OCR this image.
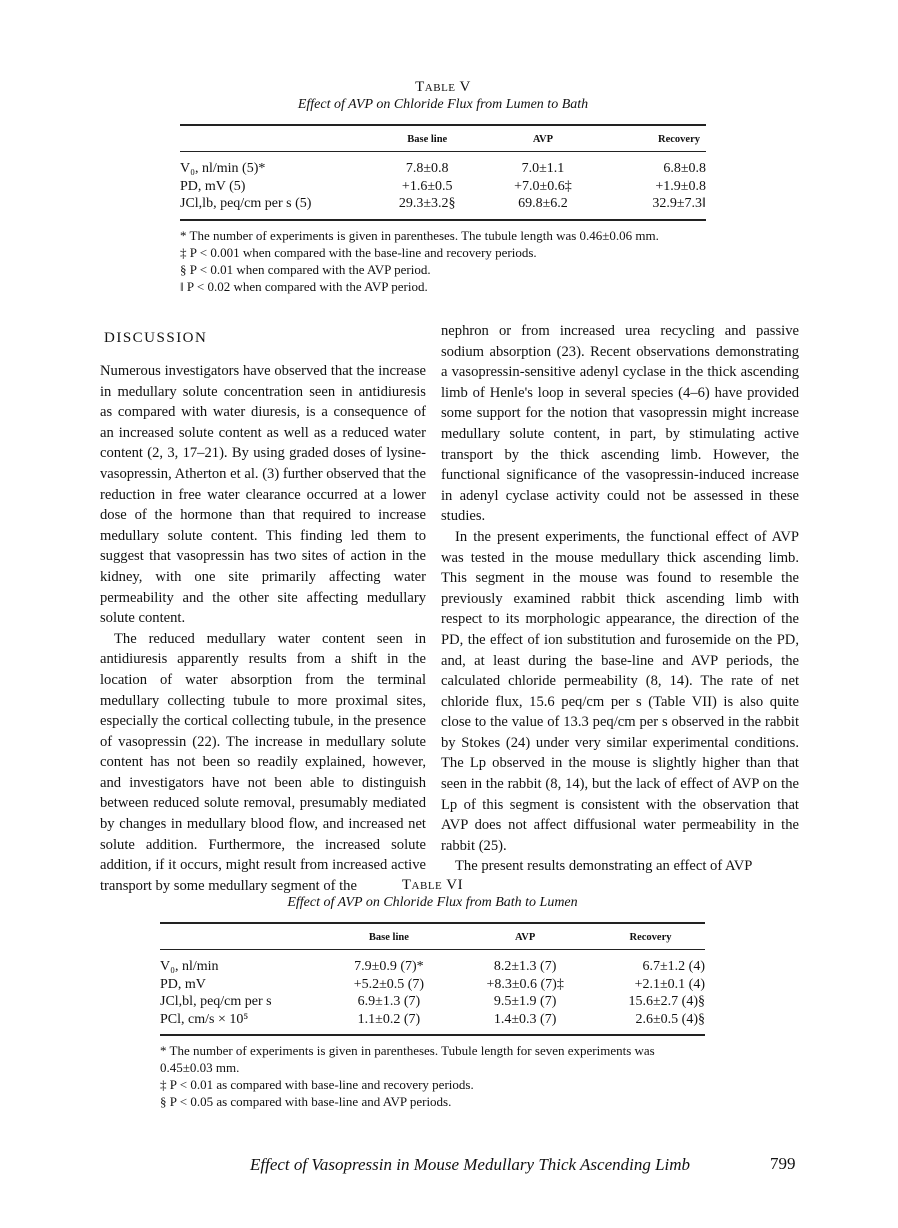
Table V
Effect of AVP on Chloride Flux from Lumen to Bath
	Base line	AVP	Recovery
V₀, nl/min (5)*	7.8±0.8	7.0±1.1	6.8±0.8
PD, mV (5)	+1.6±0.5	+7.0±0.6‡	+1.9±0.8
JCl,lb, peq/cm per s (5)	29.3±3.2§	69.8±6.2	32.9±7.3‖
* The number of experiments is given in parentheses. The tubule length was 0.46±0.06 mm.
‡ P < 0.001 when compared with the base-line and recovery periods.
§ P < 0.01 when compared with the AVP period.
‖ P < 0.02 when compared with the AVP period.
DISCUSSION

Numerous investigators have observed that the increase in medullary solute concentration seen in antidiuresis as compared with water diuresis, is a consequence of an increased solute content as well as a reduced water content (2, 3, 17–21). By using graded doses of lysine-vasopressin, Atherton et al. (3) further observed that the reduction in free water clearance occurred at a lower dose of the hormone than that required to increase medullary solute content. This finding led them to suggest that vasopressin has two sites of action in the kidney, with one site primarily affecting water permeability and the other site affecting medullary solute content.

The reduced medullary water content seen in antidiuresis apparently results from a shift in the location of water absorption from the terminal medullary collecting tubule to more proximal sites, especially the cortical collecting tubule, in the presence of vasopressin (22). The increase in medullary solute content has not been so readily explained, however, and investigators have not been able to distinguish between reduced solute removal, presumably mediated by changes in medullary blood flow, and increased net solute addition. Furthermore, the increased solute addition, if it occurs, might result from increased active transport by some medullary segment of the

nephron or from increased urea recycling and passive sodium absorption (23). Recent observations demonstrating a vasopressin-sensitive adenyl cyclase in the thick ascending limb of Henle's loop in several species (4–6) have provided some support for the notion that vasopressin might increase medullary solute content, in part, by stimulating active transport by the thick ascending limb. However, the functional significance of the vasopressin-induced increase in adenyl cyclase activity could not be assessed in these studies.

In the present experiments, the functional effect of AVP was tested in the mouse medullary thick ascending limb. This segment in the mouse was found to resemble the previously examined rabbit thick ascending limb with respect to its morphologic appearance, the direction of the PD, the effect of ion substitution and furosemide on the PD, and, at least during the base-line and AVP periods, the calculated chloride permeability (8, 14). The rate of net chloride flux, 15.6 peq/cm per s (Table VII) is also quite close to the value of 13.3 peq/cm per s observed in the rabbit by Stokes (24) under very similar experimental conditions. The Lp observed in the mouse is slightly higher than that seen in the rabbit (8, 14), but the lack of effect of AVP on the Lp of this segment is consistent with the observation that AVP does not affect diffusional water permeability in the rabbit (25).

The present results demonstrating an effect of AVP

Table VI
Effect of AVP on Chloride Flux from Bath to Lumen
	Base line	AVP	Recovery
V₀, nl/min	7.9±0.9 (7)*	8.2±1.3 (7)	6.7±1.2 (4)
PD, mV	+5.2±0.5 (7)	+8.3±0.6 (7)‡	+2.1±0.1 (4)
JCl,bl, peq/cm per s	6.9±1.3 (7)	9.5±1.9 (7)	15.6±2.7 (4)§
PCl, cm/s × 10⁵	1.1±0.2 (7)	1.4±0.3 (7)	2.6±0.5 (4)§
* The number of experiments is given in parentheses. Tubule length for seven experiments was 0.45±0.03 mm.
‡ P < 0.01 as compared with base-line and recovery periods.
§ P < 0.05 as compared with base-line and AVP periods.
Effect of Vasopressin in Mouse Medullary Thick Ascending Limb	799
